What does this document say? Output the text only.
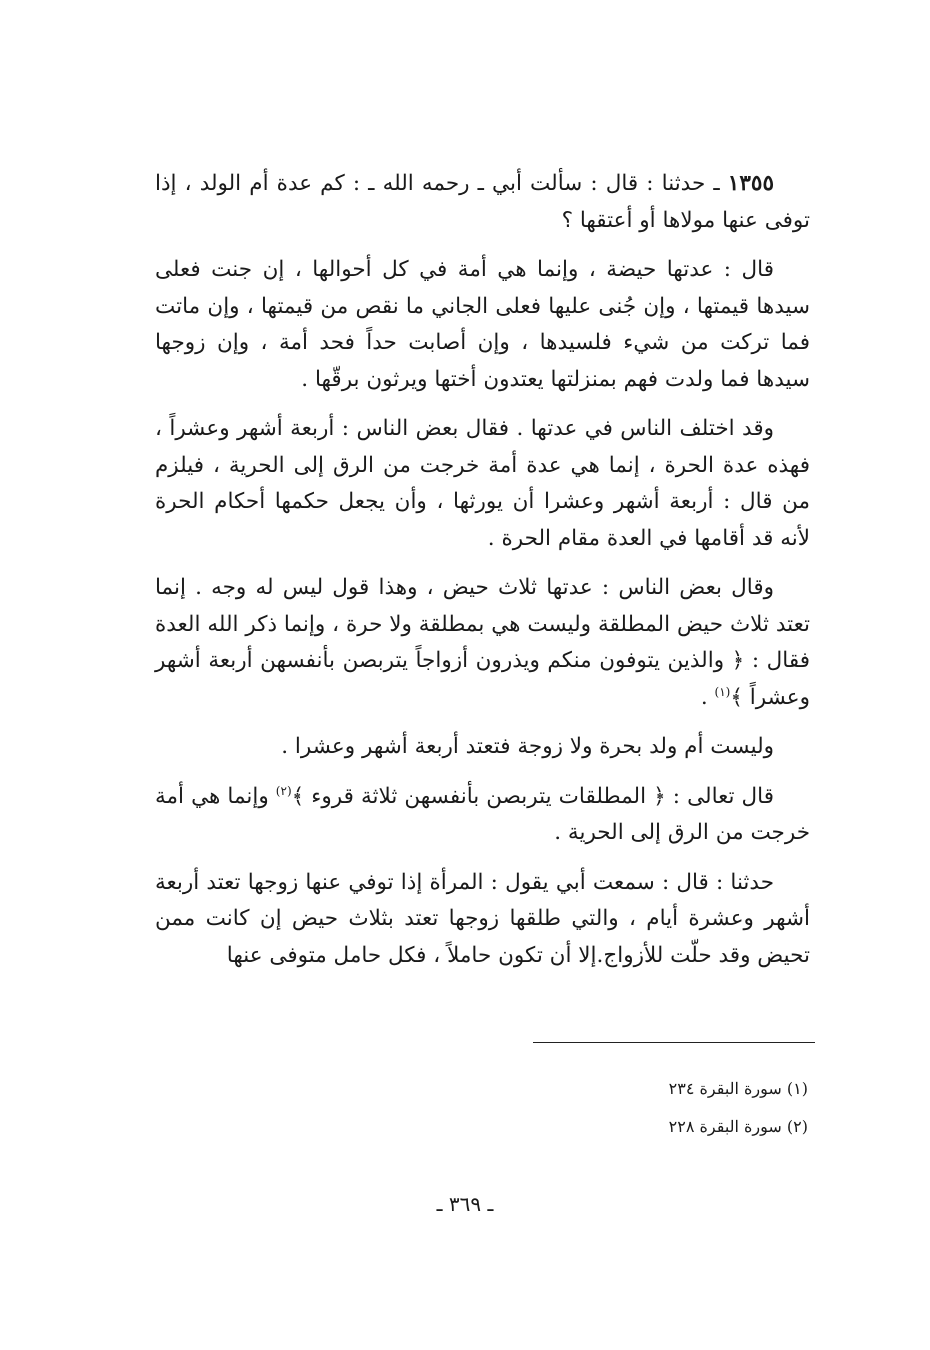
١٣٥٥ ـ حدثنا : قال : سألت أبي ـ رحمه الله ـ : كم عدة أم الولد ، إذا توفى عنها مولاها أو أعتقها ؟

قال : عدتها حيضة ، وإنما هي أمة في كل أحوالها ، إن جنت فعلى سيدها قيمتها ، وإن جُنى عليها فعلى الجاني ما نقص من قيمتها ، وإن ماتت فما تركت من شيء فلسيدها ، وإن أصابت حداً فحد أمة ، وإن زوجها سيدها فما ولدت فهم بمنزلتها يعتدون أختها ويرثون برقّها .

وقد اختلف الناس في عدتها . فقال بعض الناس : أربعة أشهر وعشراً ، فهذه عدة الحرة ، إنما هي عدة أمة خرجت من الرق إلى الحرية ، فيلزم من قال : أربعة أشهر وعشرا أن يورثها ، وأن يجعل حكمها أحكام الحرة لأنه قد أقامها في العدة مقام الحرة .

وقال بعض الناس : عدتها ثلاث حيض ، وهذا قول ليس له وجه . إنما تعتد ثلاث حيض المطلقة وليست هي بمطلقة ولا حرة ، وإنما ذكر الله العدة فقال : ﴿ والذين يتوفون منكم ويذرون أزواجاً يتربصن بأنفسهن أربعة أشهر وعشراً ﴾$^{(١)}$ .

وليست أم ولد بحرة ولا زوجة فتعتد أربعة أشهر وعشرا .

قال تعالى : ﴿ المطلقات يتربصن بأنفسهن ثلاثة قروء ﴾$^{(٢)}$ وإنما هي أمة خرجت من الرق إلى الحرية .

حدثنا : قال : سمعت أبي يقول : المرأة إذا توفي عنها زوجها تعتد أربعة أشهر وعشرة أيام ، والتي طلقها زوجها تعتد بثلاث حيض إن كانت ممن تحيض وقد حلّت للأزواج.إلا أن تكون حاملاً ، فكل حامل متوفى عنها

(١) سورة البقرة ٢٣٤
(٢) سورة البقرة ٢٢٨
ـ ٣٦٩ ـ
